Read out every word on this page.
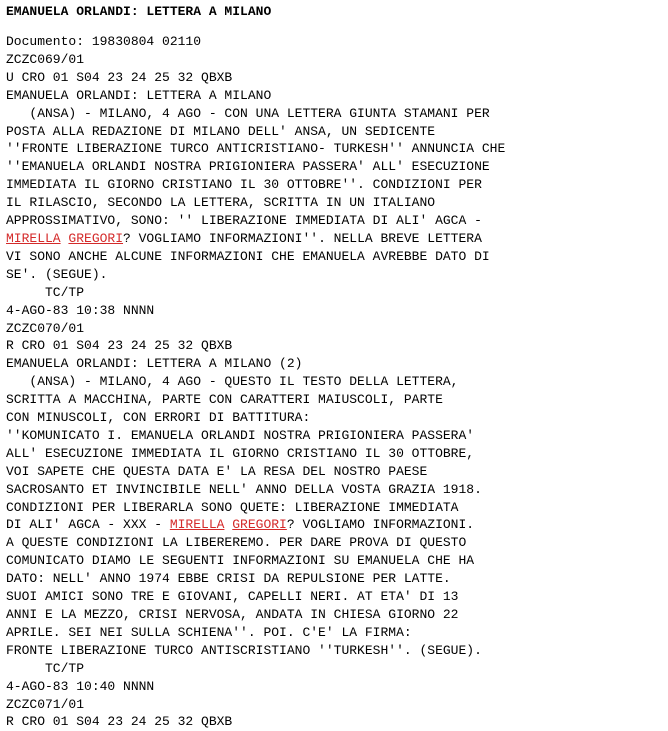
EMANUELA ORLANDI: LETTERA A MILANO
Documento: 19830804 02110
ZCZC069/01
U CRO 01 S04 23 24 25 32 QBXB
EMANUELA ORLANDI: LETTERA A MILANO
(ANSA) - MILANO, 4 AGO - CON UNA LETTERA GIUNTA STAMANI PER
POSTA ALLA REDAZIONE DI MILANO DELL' ANSA, UN SEDICENTE
''FRONTE LIBERAZIONE TURCO ANTICRISTIANO- TURKESH'' ANNUNCIA CHE
''EMANUELA ORLANDI NOSTRA PRIGIONIERA PASSERA' ALL' ESECUZIONE
IMMEDIATA IL GIORNO CRISTIANO IL 30 OTTOBRE''. CONDIZIONI PER
IL RILASCIO, SECONDO LA LETTERA, SCRITTA IN UN ITALIANO
APPROSSIMATIVO, SONO: '' LIBERAZIONE IMMEDIATA DI ALI' AGCA -
MIRELLA GREGORI? VOGLIAMO INFORMAZIONI''. NELLA BREVE LETTERA
VI SONO ANCHE ALCUNE INFORMAZIONI CHE EMANUELA AVREBBE DATO DI
SE'. (SEGUE).
TC/TP
4-AGO-83 10:38 NNNN
ZCZC070/01
R CRO 01 S04 23 24 25 32 QBXB
EMANUELA ORLANDI: LETTERA A MILANO (2)
(ANSA) - MILANO, 4 AGO - QUESTO IL TESTO DELLA LETTERA,
SCRITTA A MACCHINA, PARTE CON CARATTERI MAIUSCOLI, PARTE
CON MINUSCOLI, CON ERRORI DI BATTITURA:
''KOMUNICATO I. EMANUELA ORLANDI NOSTRA PRIGIONIERA PASSERA'
ALL' ESECUZIONE IMMEDIATA IL GIORNO CRISTIANO IL 30 OTTOBRE,
VOI SAPETE CHE QUESTA DATA E' LA RESA DEL NOSTRO PAESE
SACROSANTO ET INVINCIBILE NELL' ANNO DELLA VOSTA GRAZIA 1918.
CONDIZIONI PER LIBERARLA SONO QUETE: LIBERAZIONE IMMEDIATA
DI ALI' AGCA - XXX - MIRELLA GREGORI? VOGLIAMO INFORMAZIONI.
A QUESTE CONDIZIONI LA LIBEREREMO. PER DARE PROVA DI QUESTO
COMUNICATO DIAMO LE SEGUENTI INFORMAZIONI SU EMANUELA CHE HA
DATO: NELL' ANNO 1974 EBBE CRISI DA REPULSIONE PER LATTE.
SUOI AMICI SONO TRE E GIOVANI, CAPELLI NERI. AT ETA' DI 13
ANNI E LA MEZZO, CRISI NERVOSA, ANDATA IN CHIESA GIORNO 22
APRILE. SEI NEI SULLA SCHIENA''. POI. C'E' LA FIRMA:
FRONTE LIBERAZIONE TURCO ANTISCRISTIANO ''TURKESH''. (SEGUE).
TC/TP
4-AGO-83 10:40 NNNN
ZCZC071/01
R CRO 01 S04 23 24 25 32 QBXB
